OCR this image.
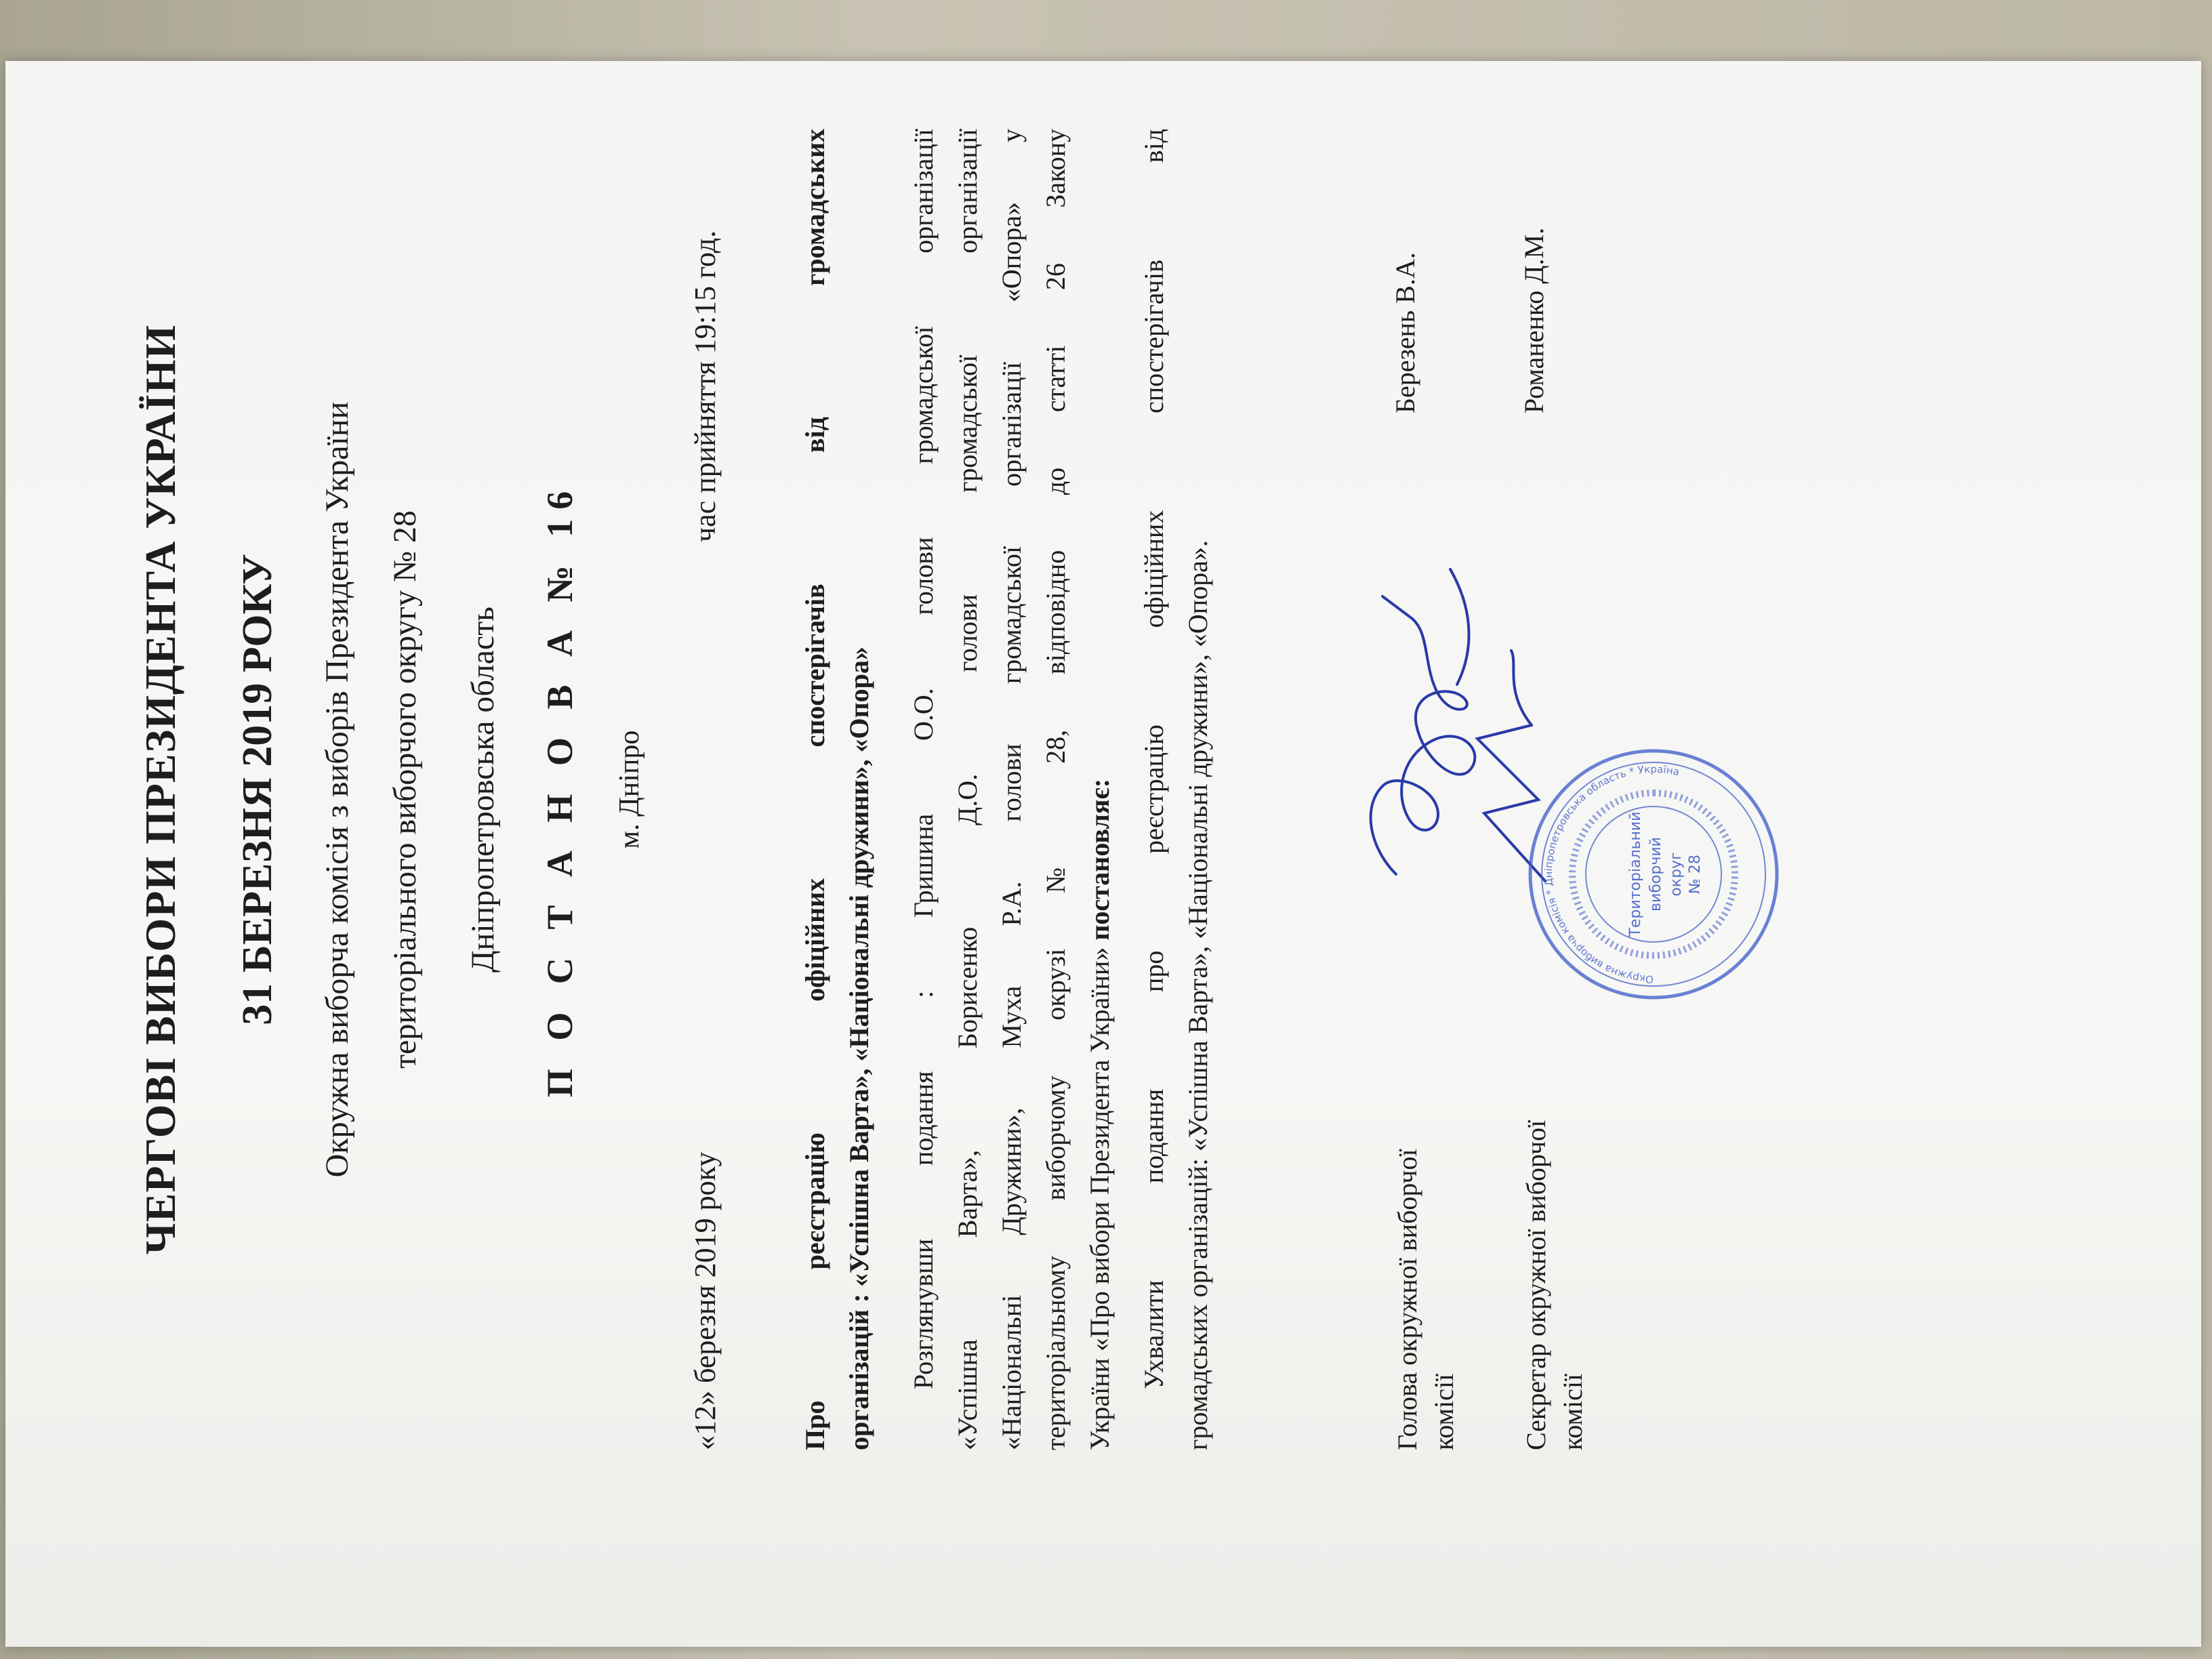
ЧЕРГОВІ ВИБОРИ ПРЕЗИДЕНТА УКРАЇНИ 31 БЕРЕЗНЯ 2019 РОКУ Окружна виборча комісія з виборів Президента України територіального виборчого округу № 28 Дніпропетровська область П О С Т А Н О В А № 16 м. Дніпро
«12» березня 2019 року
час прийняття 19:15 год.	Про реєстрацію офіційних спостерігачів від громадських організацій : «Успішна Варта», «Національні дружини», «Опора» Розглянувши подання : Гришина О.О. голови громадської організації «Успішна Варта», Борисенко Д.О. голови громадської організації «Національні Дружини», Муха Р.А. голови громадської організації «Опора» у територіальному виборчому окрузі № 28, відповідно до статті 26 Закону України «Про вибори Президента України» постановляє: Ухвалити подання про реєстрацію офіційних спостерігачів від громадських організацій: «Успішна Варта», «Національні дружини», «Опора».	Голова окружної виборчої комісії
Березень В.А.
Секретар окружної виборчої комісії
Романенко Д.М.
Окружна виборча комісія * Дніпропетровська область * Україна
Територіальний виборчий округ № 28
